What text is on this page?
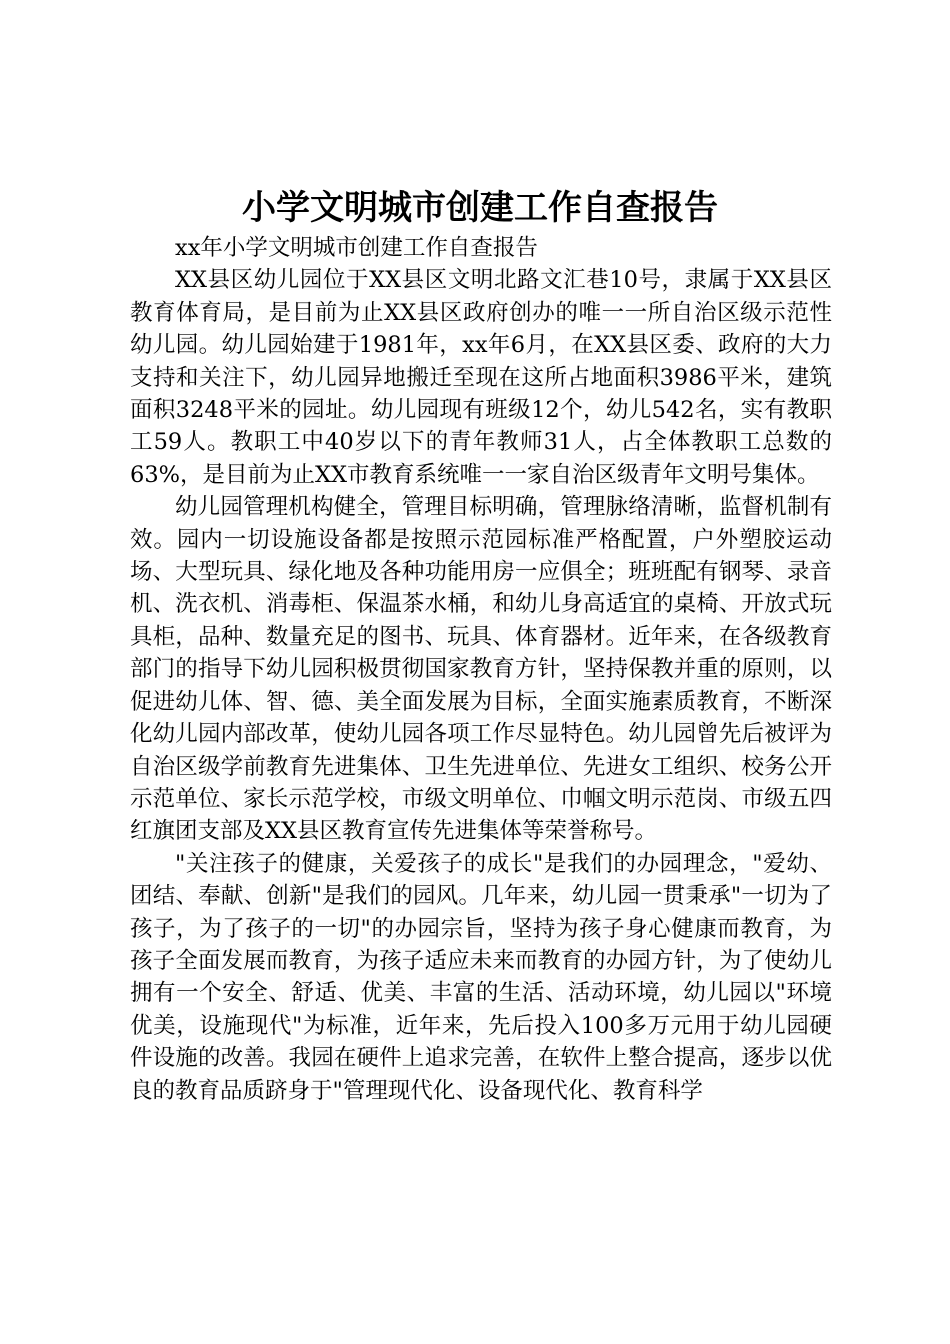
小学文明城市创建工作自查报告

xx年小学文明城市创建工作自查报告

XX县区幼儿园位于XX县区文明北路文汇巷10号，隶属于XX县区教育体育局，是目前为止XX县区政府创办的唯一一所自治区级示范性幼儿园。幼儿园始建于1981年，xx年6月，在XX县区委、政府的大力支持和关注下，幼儿园异地搬迁至现在这所占地面积3986平米，建筑面积3248平米的园址。幼儿园现有班级12个，幼儿542名，实有教职工59人。教职工中40岁以下的青年教师31人，占全体教职工总数的63%，是目前为止XX市教育系统唯一一家自治区级青年文明号集体。

幼儿园管理机构健全，管理目标明确，管理脉络清晰，监督机制有效。园内一切设施设备都是按照示范园标准严格配置，户外塑胶运动场、大型玩具、绿化地及各种功能用房一应俱全；班班配有钢琴、录音机、洗衣机、消毒柜、保温茶水桶，和幼儿身高适宜的桌椅、开放式玩具柜，品种、数量充足的图书、玩具、体育器材。近年来，在各级教育部门的指导下幼儿园积极贯彻国家教育方针，坚持保教并重的原则，以促进幼儿体、智、德、美全面发展为目标，全面实施素质教育，不断深化幼儿园内部改革，使幼儿园各项工作尽显特色。幼儿园曾先后被评为自治区级学前教育先进集体、卫生先进单位、先进女工组织、校务公开示范单位、家长示范学校，市级文明单位、巾帼文明示范岗、市级五四红旗团支部及XX县区教育宣传先进集体等荣誉称号。

"关注孩子的健康，关爱孩子的成长"是我们的办园理念，"爱幼、团结、奉献、创新"是我们的园风。几年来，幼儿园一贯秉承"一切为了孩子，为了孩子的一切"的办园宗旨，坚持为孩子身心健康而教育，为孩子全面发展而教育，为孩子适应未来而教育的办园方针，为了使幼儿拥有一个安全、舒适、优美、丰富的生活、活动环境，幼儿园以"环境优美，设施现代"为标准，近年来，先后投入100多万元用于幼儿园硬件设施的改善。我园在硬件上追求完善，在软件上整合提高，逐步以优良的教育品质跻身于"管理现代化、设备现代化、教育科学
